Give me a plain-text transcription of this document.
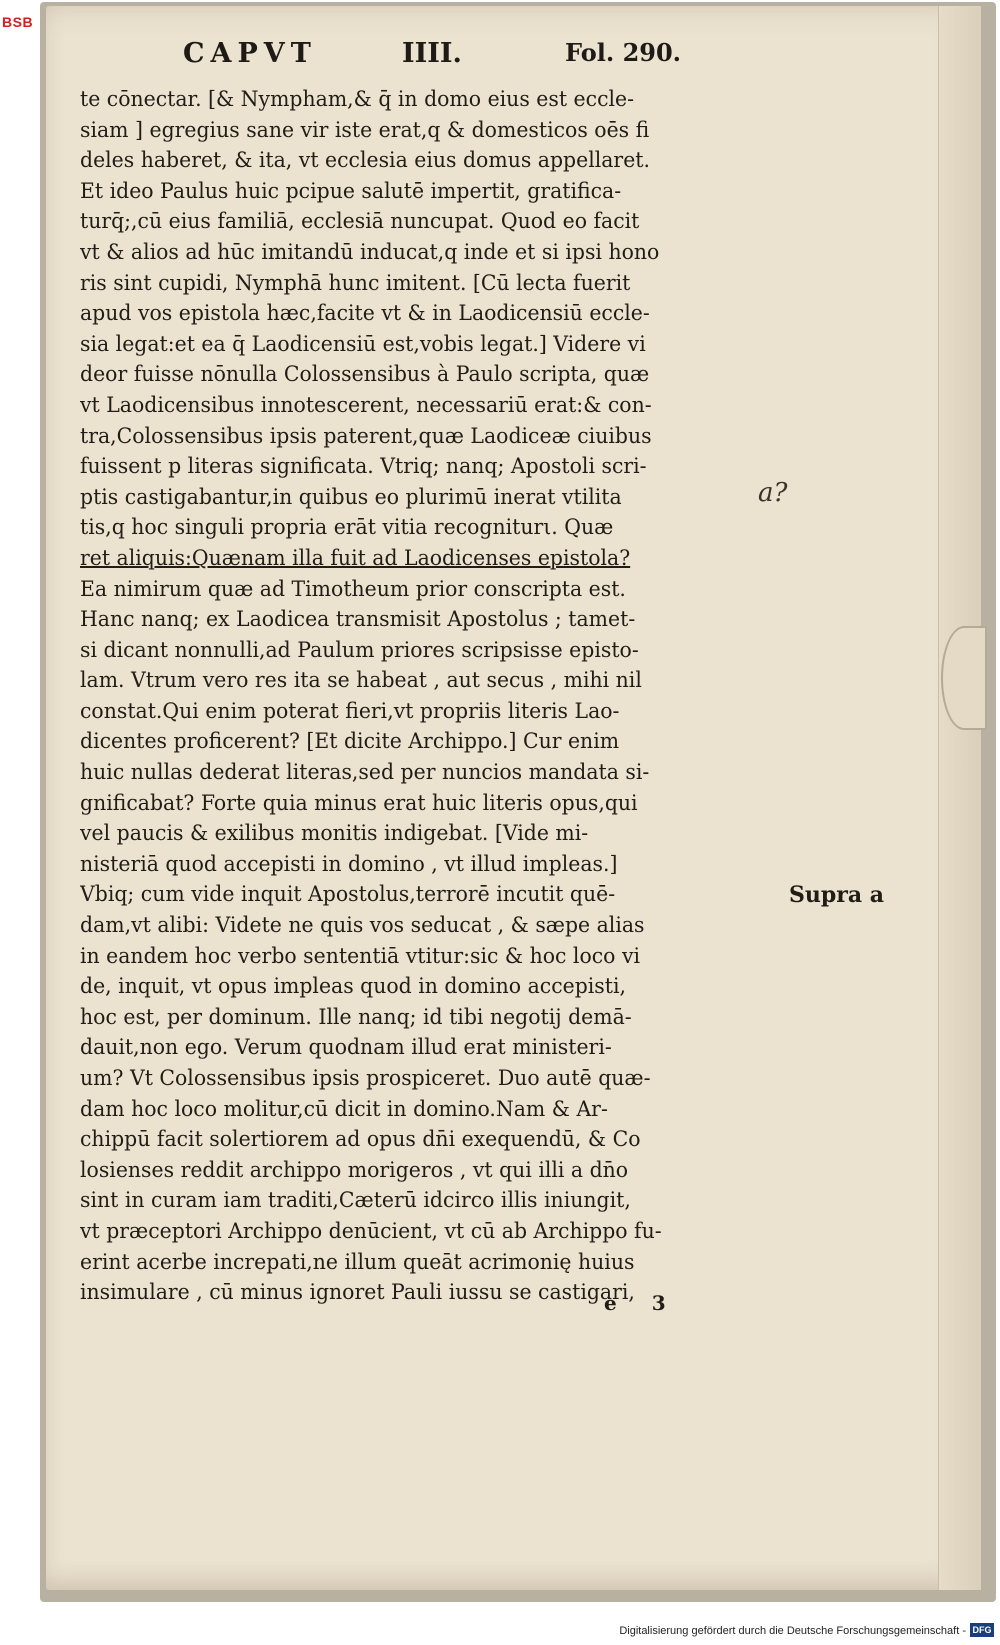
BSB
CAPVT	IIII.	Fol. 290.
te cōnectar. [& Nympham,& q̄ in domo eius est eccle-
siam ] egregius sane vir iste erat,q & domesticos oēs fi
deles haberet, & ita, vt ecclesia eius domus appellaret.
Et ideo Paulus huic pcipue salutē impertit, gratifica-
turq̄;,cū eius familiā, ecclesiā nuncupat. Quod eo facit
vt & alios ad hūc imitandū inducat,q inde et si ipsi hono
ris sint cupidi, Nymphā hunc imitent. [Cū lecta fuerit
apud vos epistola hæc,facite vt & in Laodicensiū eccle-
sia legat:et ea q̄ Laodicensiū est,vobis legat.] Videre vi
deor fuisse nōnulla Colossensibus à Paulo scripta, quæ
vt Laodicensibus innotescerent, necessariū erat:& con-
tra,Colossensibus ipsis paterent,quæ Laodiceæ ciuibus
fuissent p literas significata. Vtriq; nanq; Apostoli scri-
ptis castigabantur,in quibus eo plurimū inerat vtilita
tis,q hoc singuli propria erāt vitia recogniturι. Quæ
ret aliquis:Quænam illa fuit ad Laodicenses epistola?
Ea nimirum quæ ad Timotheum prior conscripta est.
Hanc nanq; ex Laodicea transmisit Apostolus ; tamet-
si dicant nonnulli,ad Paulum priores scripsisse episto-
lam. Vtrum vero res ita se habeat , aut secus , mihi nil
constat.Qui enim poterat fieri,vt propriis literis Lao-
dicentes proficerent? [Et dicite Archippo.] Cur enim
huic nullas dederat literas,sed per nuncios mandata si-
gnificabat? Forte quia minus erat huic literis opus,qui
vel paucis & exilibus monitis indigebat. [Vide mi-
nisteriā quod accepisti in domino , vt illud impleas.]
Vbiq; cum vide inquit Apostolus,terrorē incutit quē-
dam,vt alibi: Videte ne quis vos seducat , & sæpe alias
in eandem hoc verbo sententiā vtitur:sic & hoc loco vi
de, inquit, vt opus impleas quod in domino accepisti,
hoc est, per dominum. Ille nanq; id tibi negotij demā-
dauit,non ego. Verum quodnam illud erat ministeri-
um? Vt Colossensibus ipsis prospiceret. Duo autē quæ-
dam hoc loco molitur,cū dicit in domino.Nam & Ar-
chippū facit solertiorem ad opus dn̄i exequendū, & Co
losienses reddit archippo morigeros , vt qui illi a dn̄o
sint in curam iam traditi,Cæterū idcirco illis iniungit,
vt præceptori Archippo denūcient, vt cū ab Archippo fu-
erint acerbe increpati,ne illum queāt acrimonię huius
insimulare , cū minus ignoret Pauli iussu se castigari,
a?
Supra a
e 3
Digitalisierung gefördert durch die Deutsche Forschungsgemeinschaft - DFG
